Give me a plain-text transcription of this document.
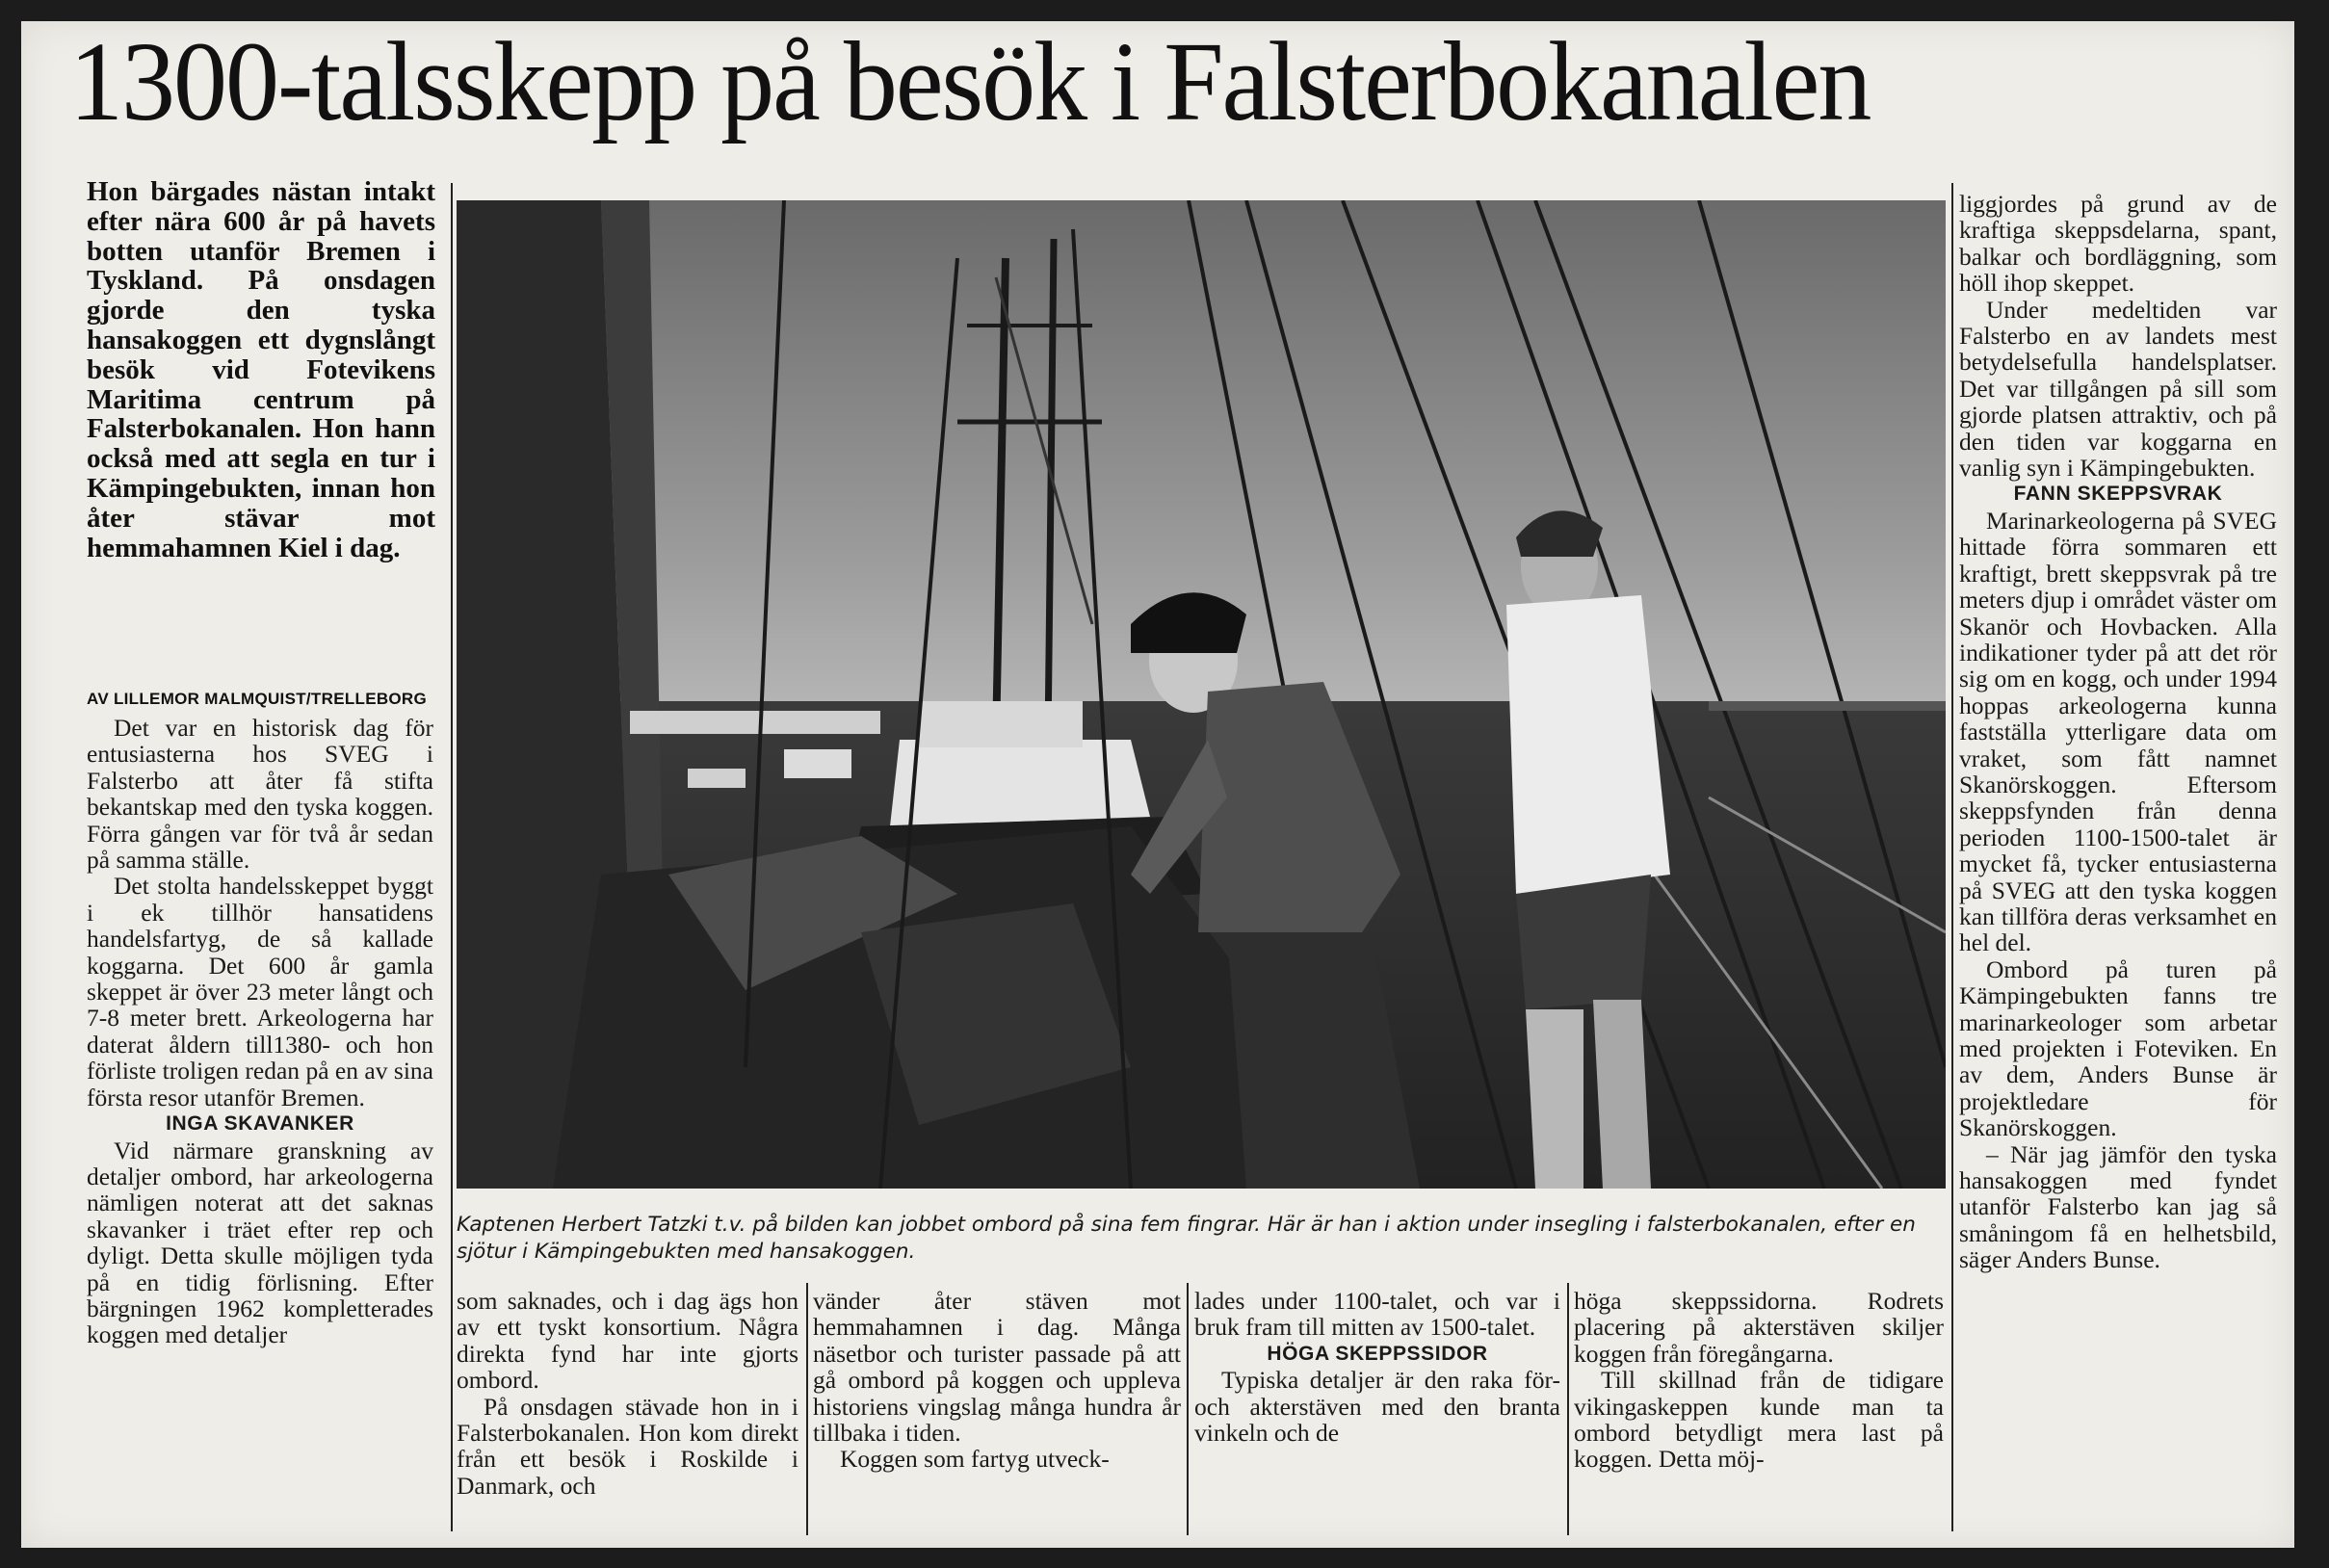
1300-talsskepp på besök i Falsterbokanalen
Hon bärgades nästan intakt efter nära 600 år på havets botten utanför Bremen i Tyskland. På onsdagen gjorde den tyska hansakoggen ett dygnslångt besök vid Fotevikens Maritima centrum på Falsterbokanalen. Hon hann också med att segla en tur i Kämpingebukten, innan hon åter stävar mot hemmahamnen Kiel i dag.
AV LILLEMOR MALMQUIST/TRELLEBORG

Det var en historisk dag för entusiasterna hos SVEG i Falsterbo att åter få stifta bekantskap med den tyska koggen. Förra gången var för två år sedan på samma ställe.

Det stolta handelsskeppet byggt i ek tillhör hansatidens handelsfartyg, de så kallade koggarna. Det 600 år gamla skeppet är över 23 meter långt och 7-8 meter brett. Arkeologerna har daterat åldern till1380- och hon förliste troligen redan på en av sina första resor utanför Bremen.

INGA SKAVANKER

Vid närmare granskning av detaljer ombord, har arkeologerna nämligen noterat att det saknas skavanker i träet efter rep och dyligt. Detta skulle möjligen tyda på en tidig förlisning. Efter bärgningen 1962 kompletterades koggen med detaljer

Kaptenen Herbert Tatzki t.v. på bilden kan jobbet ombord på sina fem fingrar. Här är han i aktion under insegling i falsterbokanalen, efter en sjötur i Kämpingebukten med hansakoggen.

som saknades, och i dag ägs hon av ett tyskt konsortium. Några direkta fynd har inte gjorts ombord.

På onsdagen stävade hon in i Falsterbokanalen. Hon kom direkt från ett besök i Roskilde i Danmark, och

vänder åter stäven mot hemmahamnen i dag. Många näsetbor och turister passade på att gå ombord på koggen och uppleva historiens vingslag många hundra år tillbaka i tiden.

Koggen som fartyg utveck-

lades under 1100-talet, och var i bruk fram till mitten av 1500-talet.

HÖGA SKEPPSSIDOR

Typiska detaljer är den raka för-och akterstäven med den branta vinkeln och de

höga skeppssidorna. Rodrets placering på akterstäven skiljer koggen från föregångarna.

Till skillnad från de tidigare vikingaskeppen kunde man ta ombord betydligt mera last på koggen. Detta möj-

liggjordes på grund av de kraftiga skeppsdelarna, spant, balkar och bordläggning, som höll ihop skeppet.

Under medeltiden var Falsterbo en av landets mest betydelsefulla handelsplatser. Det var tillgången på sill som gjorde platsen attraktiv, och på den tiden var koggarna en vanlig syn i Kämpingebukten.

FANN SKEPPSVRAK

Marinarkeologerna på SVEG hittade förra sommaren ett kraftigt, brett skeppsvrak på tre meters djup i området väster om Skanör och Hovbacken. Alla indikationer tyder på att det rör sig om en kogg, och under 1994 hoppas arkeologerna kunna fastställa ytterligare data om vraket, som fått namnet Skanörskoggen. Eftersom skeppsfynden från denna perioden 1100-1500-talet är mycket få, tycker entusiasterna på SVEG att den tyska koggen kan tillföra deras verksamhet en hel del.

Ombord på turen på Kämpingebukten fanns tre marinarkeologer som arbetar med projekten i Foteviken. En av dem, Anders Bunse är projektledare för Skanörskoggen.

– När jag jämför den tyska hansakoggen med fyndet utanför Falsterbo kan jag så småningom få en helhetsbild, säger Anders Bunse.
